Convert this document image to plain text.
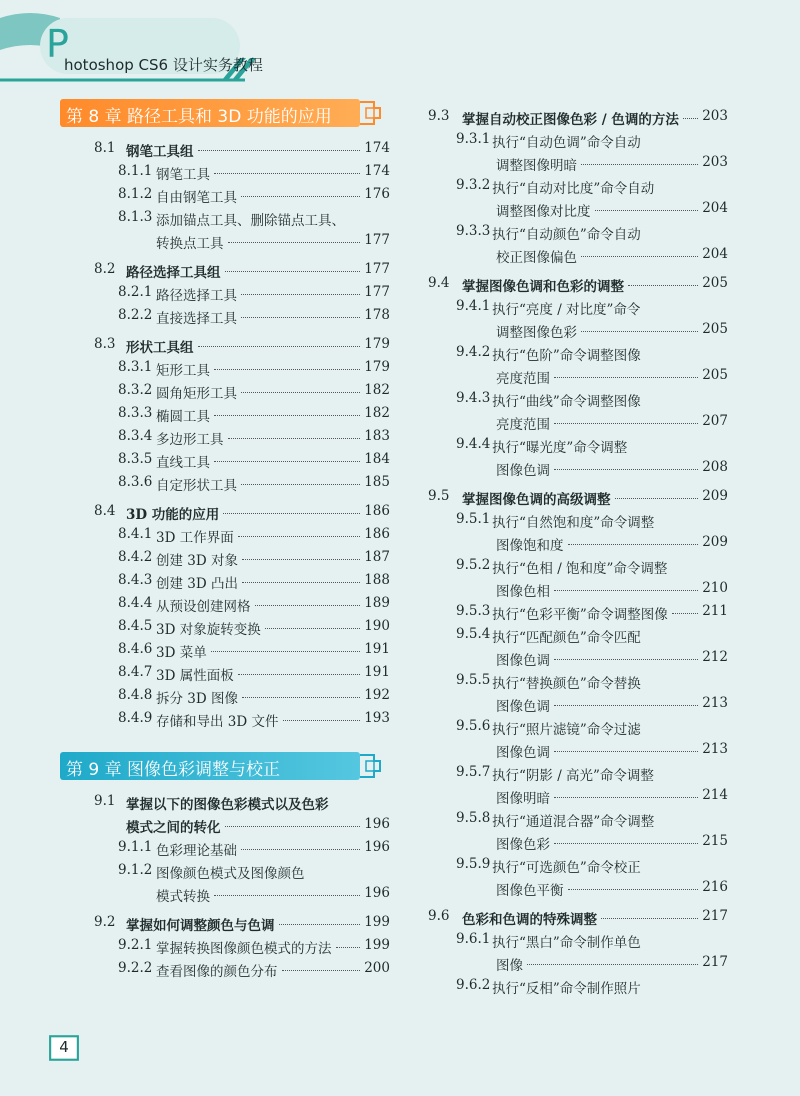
P
hotoshop CS6 设计实务教程
第 8 章 路径工具和 3D 功能的应用
8.1 钢笔工具组	174
8.1.1 钢笔工具	174
8.1.2 自由钢笔工具	176
8.1.3 添加锚点工具、删除锚点工具、
转换点工具	177
8.2 路径选择工具组	177
8.2.1 路径选择工具	177
8.2.2 直接选择工具	178
8.3 形状工具组	179
8.3.1 矩形工具	179
8.3.2 圆角矩形工具	182
8.3.3 椭圆工具	182
8.3.4 多边形工具	183
8.3.5 直线工具	184
8.3.6 自定形状工具	185
8.4 3D 功能的应用	186
8.4.1 3D 工作界面	186
8.4.2 创建 3D 对象	187
8.4.3 创建 3D 凸出	188
8.4.4 从预设创建网格	189
8.4.5 3D 对象旋转变换	190
8.4.6 3D 菜单	191
8.4.7 3D 属性面板	191
8.4.8 拆分 3D 图像	192
8.4.9 存储和导出 3D 文件	193
第 9 章 图像色彩调整与校正
9.1 掌握以下的图像色彩模式以及色彩
模式之间的转化	196
9.1.1 色彩理论基础	196
9.1.2 图像颜色模式及图像颜色
模式转换	196
9.2 掌握如何调整颜色与色调	199
9.2.1 掌握转换图像颜色模式的方法 199
9.2.2 查看图像的颜色分布	200
9.3 掌握自动校正图像色彩 / 色调的方法 203
9.3.1 执行“自动色调”命令自动
调整图像明暗	203
9.3.2 执行“自动对比度”命令自动
调整图像对比度	204
9.3.3 执行“自动颜色”命令自动
校正图像偏色	204
9.4 掌握图像色调和色彩的调整	205
9.4.1 执行“亮度 / 对比度”命令
调整图像色彩	205
9.4.2 执行“色阶”命令调整图像
亮度范围	205
9.4.3 执行“曲线”命令调整图像
亮度范围	207
9.4.4 执行“曝光度”命令调整
图像色调	208
9.5 掌握图像色调的高级调整	209
9.5.1 执行“自然饱和度”命令调整
图像饱和度	209
9.5.2 执行“色相 / 饱和度”命令调整
图像色相	210
9.5.3 执行“色彩平衡”命令调整图像	211
9.5.4 执行“匹配颜色”命令匹配
图像色调	212
9.5.5 执行“替换颜色”命令替换
图像色调	213
9.5.6 执行“照片滤镜”命令过滤
图像色调	213
9.5.7 执行“阴影 / 高光”命令调整
图像明暗	214
9.5.8 执行“通道混合器”命令调整
图像色彩	215
9.5.9 执行“可选颜色”命令校正
图像色平衡	216
9.6 色彩和色调的特殊调整	217
9.6.1 执行“黑白”命令制作单色
图像	217
9.6.2 执行“反相”命令制作照片
4
